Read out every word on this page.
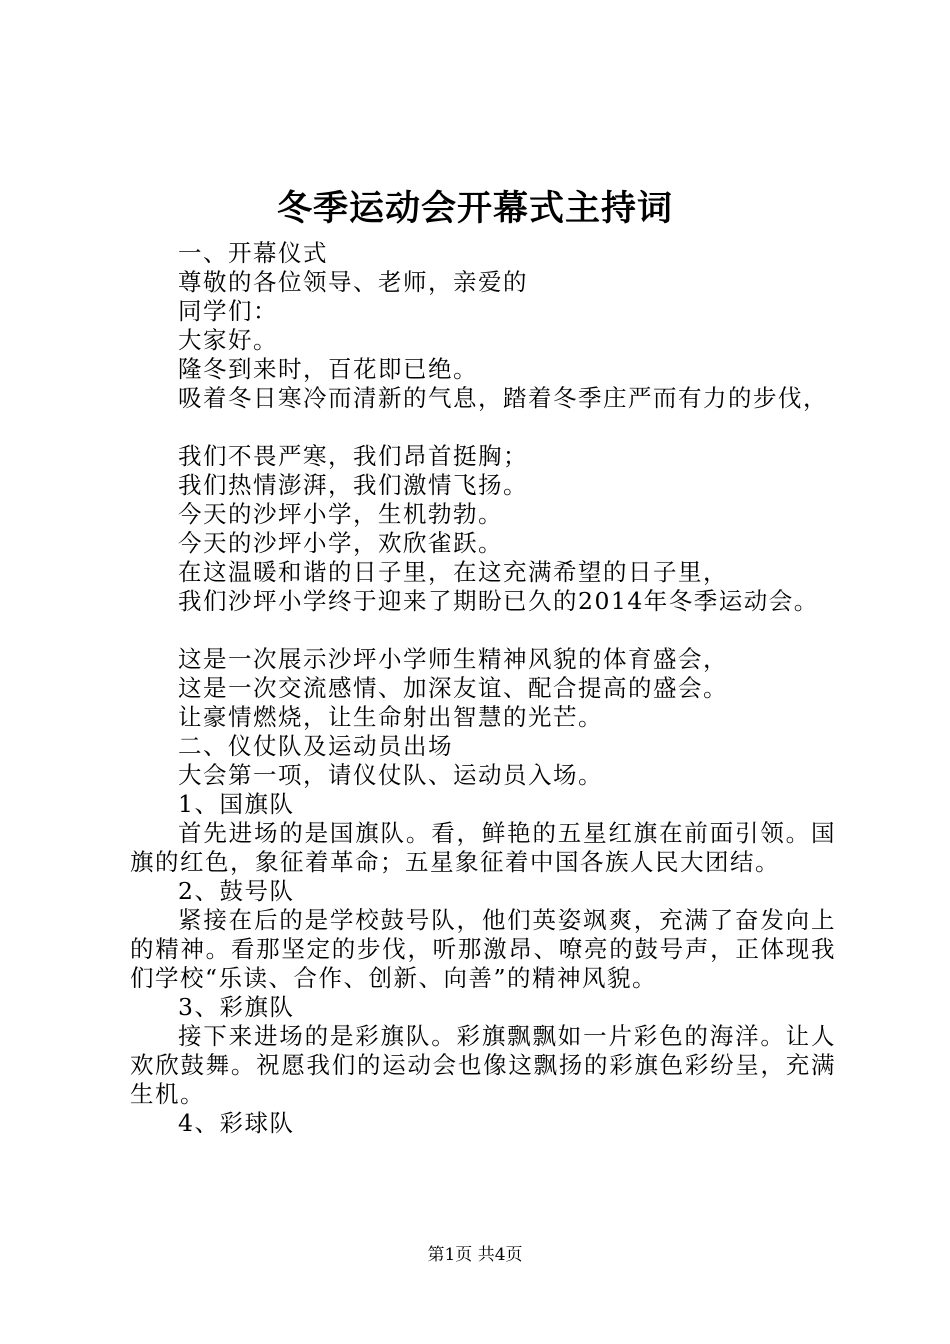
冬季运动会开幕式主持词
一、开幕仪式
尊敬的各位领导、老师，亲爱的
同学们：
大家好。
隆冬到来时，百花即已绝。
吸着冬日寒冷而清新的气息，踏着冬季庄严而有力的步伐，
我们不畏严寒，我们昂首挺胸；
我们热情澎湃，我们激情飞扬。
今天的沙坪小学，生机勃勃。
今天的沙坪小学，欢欣雀跃。
在这温暖和谐的日子里，在这充满希望的日子里，
我们沙坪小学终于迎来了期盼已久的2014年冬季运动会。
这是一次展示沙坪小学师生精神风貌的体育盛会，
这是一次交流感情、加深友谊、配合提高的盛会。
让豪情燃烧，让生命射出智慧的光芒。
二、仪仗队及运动员出场
大会第一项，请仪仗队、运动员入场。
1、国旗队

首先进场的是国旗队。看，鲜艳的五星红旗在前面引领。国旗的红色，象征着革命；五星象征着中国各族人民大团结。

2、鼓号队

紧接在后的是学校鼓号队，他们英姿飒爽，充满了奋发向上的精神。看那坚定的步伐，听那激昂、嘹亮的鼓号声，正体现我们学校“乐读、合作、创新、向善”的精神风貌。

3、彩旗队

接下来进场的是彩旗队。彩旗飘飘如一片彩色的海洋。让人欢欣鼓舞。祝愿我们的运动会也像这飘扬的彩旗色彩纷呈，充满生机。

4、彩球队
第1页 共4页
